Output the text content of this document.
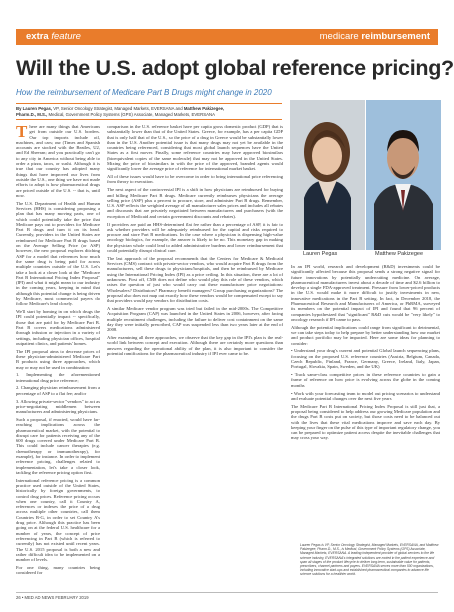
extra feature	medicare reimbursement
Will the U.S. adopt global reference pricing?
How the reimbursement of Medicare Part B Drugs might change in 2020
By Lauren Pegas, VP, Senior Oncology Strategist, Managed Markets, EVERSANA and Matthew Pakizegee,
Pharm.D., M.S., Medical, Government Policy Systems (GPS) Associate, Managed Markets, EVERSANA

There are many things that Americans get from outside our U.S. borders. Our top imports include oil, machines, and cars; our (Times and Spanish accounts are stocked with the Beatles, U2, and Ed Sheeran; and you practically can't go to any city in America without being able to order a pizza, tacos, or sushi. Although it is true that our country has adopted many things that have improved our lives from outside the U.S., one thing we have not made efforts to adopt is how pharmaceutical drugs are priced outside of the U.S. -- that is, until now.

The U.S. Department of Health and Human Services (HHS) is considering proposing a plan that has many moving parts, one of which could potentially take the price that Medicare pays out to providers for Medicare Part B drugs and turn it on its head. Currently, providers in the United States are reimbursed for Medicare Part B drugs based on the Average Selling Price (or ASP) however, the new proposal explores ditching ASP for a model that references how much the same drug is being paid for across multiple countries outside of the U.S. Let's take a look at a closer look at the "Medicare Part B International Pricing Index Proposal" (IPI) and what it might mean to our industry in the coming years, keeping in mind that although this potential change is being driven by Medicare, most commercial payers do follow Medicare's lead closely.

We'll start by homing in on which drugs the IPI could potentially impact -- specifically, those that are paid for by Medicare Part B. Part B covers medications administered through infusion or injection in a variety of settings, including physician offices, hospital outpatient clinics, and patients' homes.

The IPI proposal aims to decrease prices of these physician-administered Medicare Part B products using three approaches, which may or may not be used in combination:

1. Implementing the aforementioned international drug price reference;

2. Changing physician reimbursement from a percentage of ASP to a flat fee; and/or

3. Allowing private-sector "vendors" to act as price-negotiating middlemen between manufacturers and administering physicians.

Such a proposal, if enacted, would have far-reaching implications across the pharmaceutical market, with the potential to disrupt care for patients receiving any of the 600 drugs covered under Medicare Part B. This could include cancer therapies (e.g. chemotherapy or immunotherapy), for example), for instance. In order to implement reference pricing, challenges related to implementation, let's take a closer look, tackling the reference pricing option first.

International reference pricing is a common practice used outside of the United States, historically by foreign governments, to control drug prices. Reference pricing occurs when one country, call it Country A, references or indexes the price of a drug across multiple other countries, call them Countries B-G, in order to set Country A's drug price. Although this practice has been going on at the federal U.S. healthcare for a number of years, the concept of price referencing in Part B (which is referred to currently) has not existed until recent years. The U.S. 2015 proposal is both a new and rather difficult idea to be implemented on a number of levels.

For one thing, many countries being considered for

comparison in the U.S. reference basket have per capita gross domestic product (GDP) that is substantially lower than that of the United States. Greece, for example, has a per capita GDP that is only half that of the U.S., so the price of a drug in Greece would be substantially lower than in the U.S. Another potential issue is that many drugs may not yet be available in the countries being referenced, considering that most global launch sequences have the United States as a first mover. Finally, some reference countries may have approved biosimilars (bioequivalent copies of the same molecule) that may not be approved in the United States. Mixing the price of biosimilars in with the price of the approved, branded agents would significantly lower the average price of reference for international market basket.

All of these issues would have to be overcome in order to bring international price referencing from theory to execution.

The next aspect of the controversial IPI is a shift in how physicians are reimbursed for buying and billing Medicare Part B drugs. Medicare currently reimburses physicians the average selling price (ASP) plus a percent to procure, store, and administer Part B drugs. Remember, U.S. ASP reflects the weighted average of all manufacturer sales prices and includes all rebates and discounts that are privately negotiated between manufacturers and purchasers (with the exception of Medicaid and certain government discounts and rebates).

If providers are paid an HHS-determined flat fee rather than a percentage of ASP, it is fair to ask whether providers will be adequately reimbursed for the capital and risks required to procure and store Part B medications. In the case where a physician is dispensing high-value oncology biologics, for example, the answer is likely to be no. This monetary gap in making the physician whole could lead to added administrative burdens and lower reimbursement that could potentially disrupt clinical care.

The last approach of the proposal recommends that the Centers for Medicare & Medicaid Services (CMS) contract with private-sector vendors, who would acquire Part B drugs from the manufacturers, sell these drugs to physicians/hospitals, and then be reimbursed by Medicare using the International Pricing Index (IPI) as a price ceiling. In this situation, there are a lot of unknowns. First off, CMS does not define who would play this role of these vendors, which raises the question of just who would carry out these manufacturer price negotiations: Wholesalers? Distributors? Pharmacy benefit managers? Group purchasing organizations? The proposal also does not map out exactly how these vendors would be compensated except to say that providers would pay vendors for distribution costs.

A similar Medicare vendor program was tried but failed in the mid-2000s. The Competitive Acquisition Program (CAP) was launched in the United States in 2006, however, after facing multiple recruitment challenges, including the failure to deliver cost containment on the same day they were initially prescribed, CAP was suspended less than two years later at the end of 2008.

After examining all three approaches, we observe that the key gap in the IPI's plan is the real-world link between concept and execution. Although there are certainly more questions than answers regarding the operational ability of the plan, it is also important to consider the potential ramifications for the pharmaceutical industry if IPI ever came to be.

Lauren Pegas	Matthew Pakizegee

In an IPI world, research and development (R&D) investments could be significantly affected because this proposal sends a strong negative signal for future innovations by potentially undercutting medicine. On average, pharmaceutical manufacturers invest about a decade of time and $2.6 billion to develop a single FDA-approved treatment. Pressure from lower-priced products in the U.S. would make it more difficult to justify investments in new, innovative medications in the Part B setting. In fact, in December 2018, the Pharmaceutical Research and Manufacturers of America, or PhRMA, surveyed its members on the potential impact of IPI and found that 96 percent of companies hypothesized that "significant" R&D cuts would be "very likely" to oncology research if IPI came to pass.

Although the potential implications could range from significant to detrimental, we can take steps today to help prepare by better understanding how our market and product portfolio may be impacted. Here are some ideas for planning to consider:

• Understand your drug's current and potential Global launch sequencing plans, focusing on the proposed U.S. reference countries (Austria, Belgium, Canada, Czech Republic, Finland, France, Germany, Greece, Ireland, Italy, Japan, Portugal, Slovakia, Spain, Sweden, and the UK)

• Track same-class competitive prices in these reference countries to gain a frame of reference on how price is evolving across the globe in the coming months

• Work with your forecasting team to model out pricing scenarios to understand and evaluate potential changes over the next five years

The Medicare Part B International Pricing Index Proposal is still just that, a proposal being considered to help address our growing Medicare population and the drugs Part B costs put on society, but those costs need to be balanced out with the lives that these vital medications improve and save each day. By keeping your finger on the pulse of this type of important regulatory change, you can be prepared to optimize patient access despite the inevitable challenges that may cross your way.

Lauren Pegas is VP, Senior Oncology Strategist, Managed Markets, EVERSANA, and Matthew Pakizegee, Pharm.D., M.S., is Medical, Government Policy Systems (GPS) Associate, Managed Markets, EVERSANA. A leading independent provider of global services to the life science industry, EVERSANA's integrated solutions are rooted in the patient experience and span all stages of the product lifecycle to deliver long-term, sustainable value for patients, prescribers, channel partners and payers. EVERSANA serves more than 500 organizations, including innovative start-ups and established pharmaceutical companies to advance life science solutions for a healthier world.
26 • MED AD NEWS FEBRUARY 2019
